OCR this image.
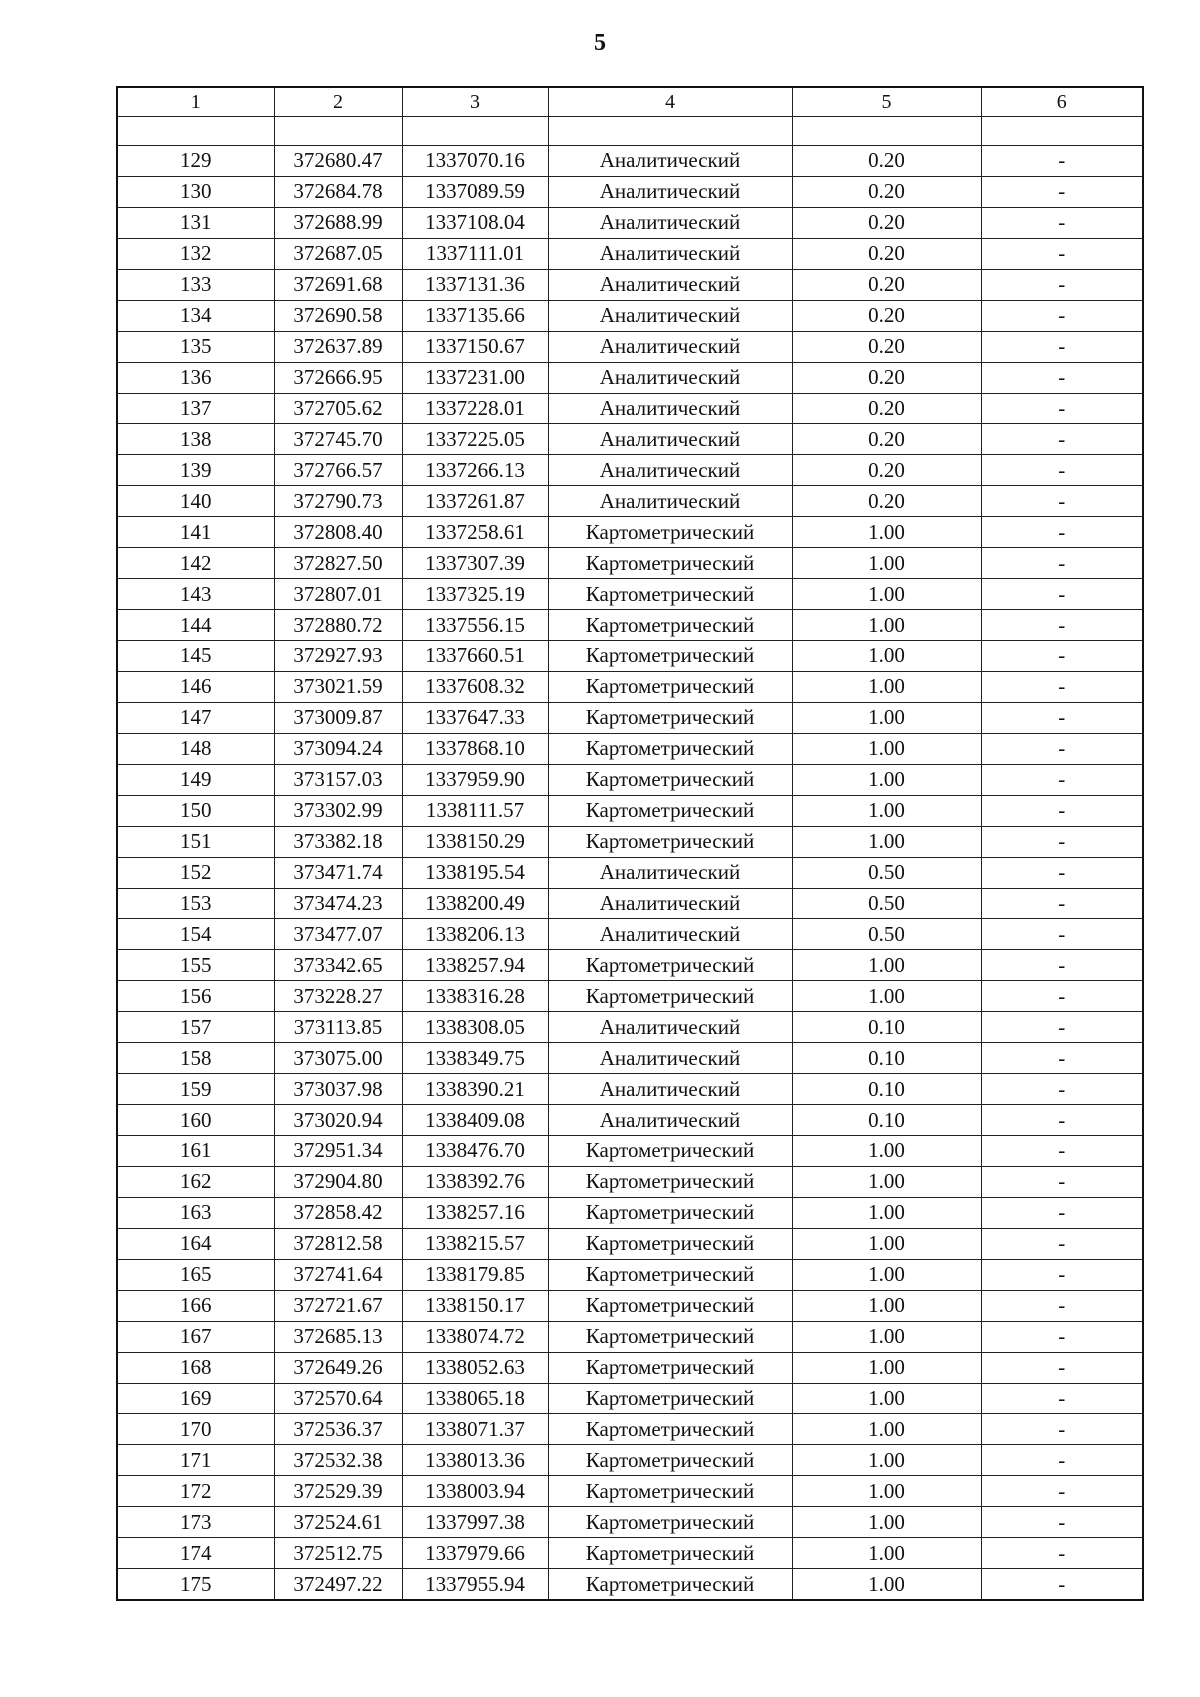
5
1	2	3	4	5	6

129	372680.47	1337070.16	Аналитический	0.20	-
130	372684.78	1337089.59	Аналитический	0.20	-
131	372688.99	1337108.04	Аналитический	0.20	-
132	372687.05	1337111.01	Аналитический	0.20	-
133	372691.68	1337131.36	Аналитический	0.20	-
134	372690.58	1337135.66	Аналитический	0.20	-
135	372637.89	1337150.67	Аналитический	0.20	-
136	372666.95	1337231.00	Аналитический	0.20	-
137	372705.62	1337228.01	Аналитический	0.20	-
138	372745.70	1337225.05	Аналитический	0.20	-
139	372766.57	1337266.13	Аналитический	0.20	-
140	372790.73	1337261.87	Аналитический	0.20	-
141	372808.40	1337258.61	Картометрический	1.00	-
142	372827.50	1337307.39	Картометрический	1.00	-
143	372807.01	1337325.19	Картометрический	1.00	-
144	372880.72	1337556.15	Картометрический	1.00	-
145	372927.93	1337660.51	Картометрический	1.00	-
146	373021.59	1337608.32	Картометрический	1.00	-
147	373009.87	1337647.33	Картометрический	1.00	-
148	373094.24	1337868.10	Картометрический	1.00	-
149	373157.03	1337959.90	Картометрический	1.00	-
150	373302.99	1338111.57	Картометрический	1.00	-
151	373382.18	1338150.29	Картометрический	1.00	-
152	373471.74	1338195.54	Аналитический	0.50	-
153	373474.23	1338200.49	Аналитический	0.50	-
154	373477.07	1338206.13	Аналитический	0.50	-
155	373342.65	1338257.94	Картометрический	1.00	-
156	373228.27	1338316.28	Картометрический	1.00	-
157	373113.85	1338308.05	Аналитический	0.10	-
158	373075.00	1338349.75	Аналитический	0.10	-
159	373037.98	1338390.21	Аналитический	0.10	-
160	373020.94	1338409.08	Аналитический	0.10	-
161	372951.34	1338476.70	Картометрический	1.00	-
162	372904.80	1338392.76	Картометрический	1.00	-
163	372858.42	1338257.16	Картометрический	1.00	-
164	372812.58	1338215.57	Картометрический	1.00	-
165	372741.64	1338179.85	Картометрический	1.00	-
166	372721.67	1338150.17	Картометрический	1.00	-
167	372685.13	1338074.72	Картометрический	1.00	-
168	372649.26	1338052.63	Картометрический	1.00	-
169	372570.64	1338065.18	Картометрический	1.00	-
170	372536.37	1338071.37	Картометрический	1.00	-
171	372532.38	1338013.36	Картометрический	1.00	-
172	372529.39	1338003.94	Картометрический	1.00	-
173	372524.61	1337997.38	Картометрический	1.00	-
174	372512.75	1337979.66	Картометрический	1.00	-
175	372497.22	1337955.94	Картометрический	1.00	-
